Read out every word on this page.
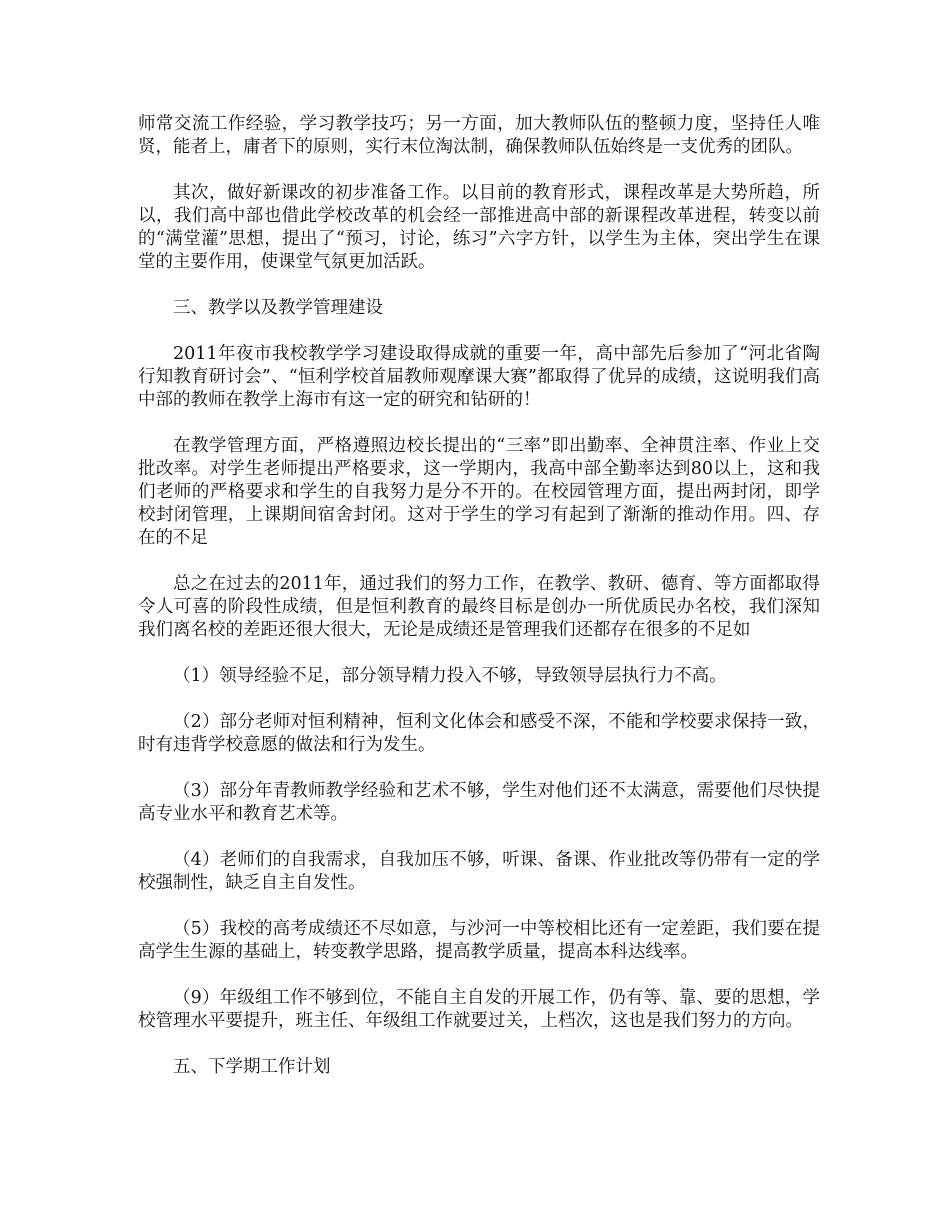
师常交流工作经验，学习教学技巧；另一方面，加大教师队伍的整顿力度，坚持任人唯贤，能者上，庸者下的原则，实行末位淘汰制，确保教师队伍始终是一支优秀的团队。

其次，做好新课改的初步准备工作。以目前的教育形式，课程改革是大势所趋，所以，我们高中部也借此学校改革的机会经一部推进高中部的新课程改革进程，转变以前的“满堂灌”思想，提出了“预习，讨论，练习”六字方针，以学生为主体，突出学生在课堂的主要作用，使课堂气氛更加活跃。

三、教学以及教学管理建设

2011年夜市我校教学学习建设取得成就的重要一年，高中部先后参加了“河北省陶行知教育研讨会”、“恒利学校首届教师观摩课大赛”都取得了优异的成绩，这说明我们高中部的教师在教学上海市有这一定的研究和钻研的！

在教学管理方面，严格遵照边校长提出的“三率”即出勤率、全神贯注率、作业上交批改率。对学生老师提出严格要求，这一学期内，我高中部全勤率达到80以上，这和我们老师的严格要求和学生的自我努力是分不开的。在校园管理方面，提出两封闭，即学校封闭管理，上课期间宿舍封闭。这对于学生的学习有起到了渐渐的推动作用。四、存在的不足

总之在过去的2011年，通过我们的努力工作，在教学、教研、德育、等方面都取得令人可喜的阶段性成绩，但是恒利教育的最终目标是创办一所优质民办名校，我们深知我们离名校的差距还很大很大，无论是成绩还是管理我们还都存在很多的不足如

（1）领导经验不足，部分领导精力投入不够，导致领导层执行力不高。

（2）部分老师对恒利精神，恒利文化体会和感受不深，不能和学校要求保持一致，时有违背学校意愿的做法和行为发生。

（3）部分年青教师教学经验和艺术不够，学生对他们还不太满意，需要他们尽快提高专业水平和教育艺术等。

（4）老师们的自我需求，自我加压不够，听课、备课、作业批改等仍带有一定的学校强制性，缺乏自主自发性。

（5）我校的高考成绩还不尽如意，与沙河一中等校相比还有一定差距，我们要在提高学生生源的基础上，转变教学思路，提高教学质量，提高本科达线率。

（9）年级组工作不够到位，不能自主自发的开展工作，仍有等、靠、要的思想，学校管理水平要提升，班主任、年级组工作就要过关，上档次，这也是我们努力的方向。

五、下学期工作计划
